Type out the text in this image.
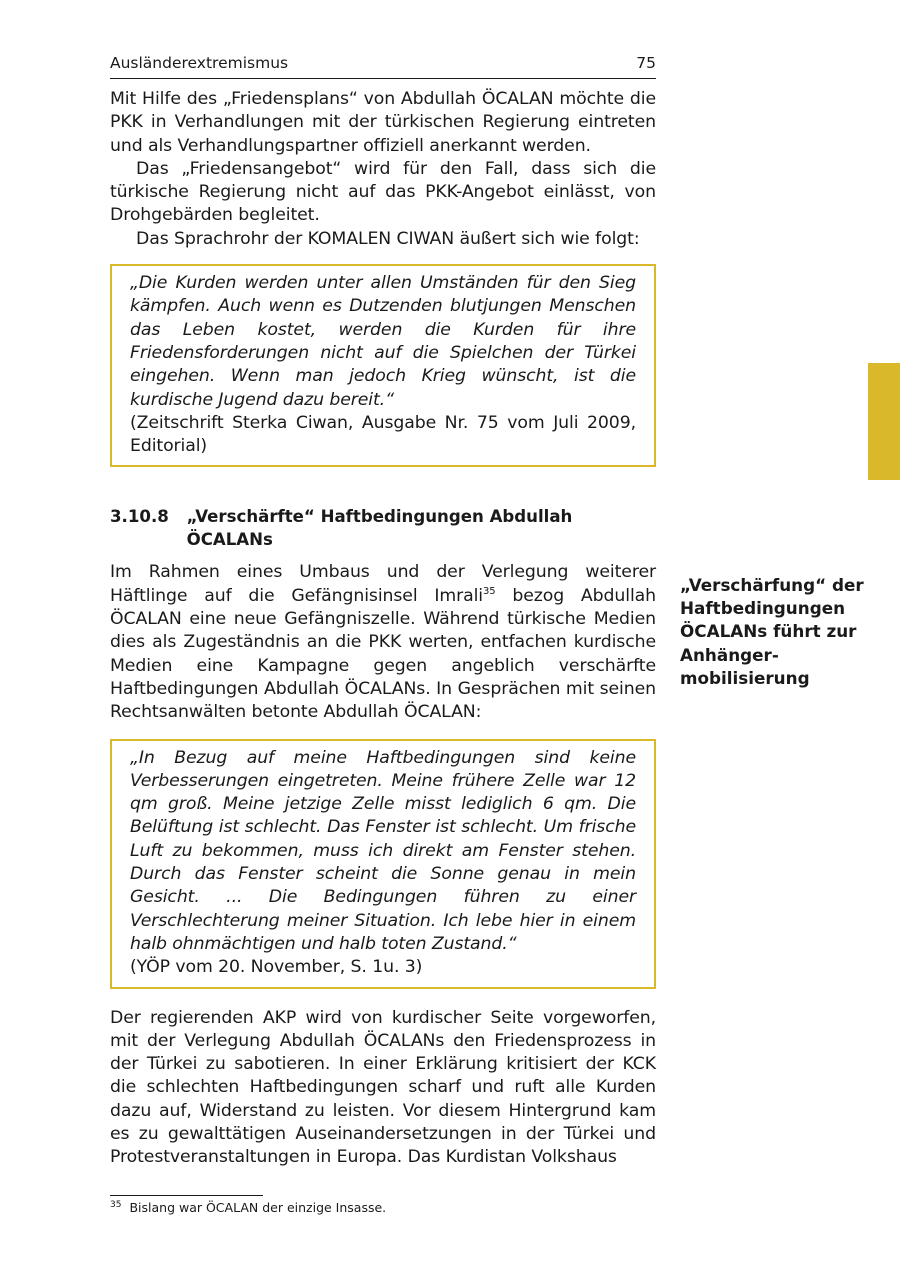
Ausländerextremismus	75

Mit Hilfe des „Friedensplans“ von Abdullah ÖCALAN möchte die PKK in Verhandlungen mit der türkischen Regierung eintreten und als Verhandlungspartner offiziell anerkannt werden.

Das „Friedensangebot“ wird für den Fall, dass sich die türkische Regierung nicht auf das PKK-Angebot einlässt, von Drohgebärden begleitet.

Das Sprachrohr der KOMALEN CIWAN äußert sich wie folgt:

„Die Kurden werden unter allen Umständen für den Sieg kämpfen. Auch wenn es Dutzenden blutjungen Menschen das Leben kostet, werden die Kurden für ihre Friedensforderungen nicht auf die Spielchen der Türkei eingehen. Wenn man jedoch Krieg wünscht, ist die kurdische Jugend dazu bereit.“
(Zeitschrift Sterka Ciwan, Ausgabe Nr. 75 vom Juli 2009, Editorial)
3.10.8	„Verschärfte“ Haftbedingungen Abdullah ÖCALANs

Im Rahmen eines Umbaus und der Verlegung weiterer Häftlinge auf die Gefängnisinsel Imrali$^{35}$ bezog Abdullah ÖCALAN eine neue Gefängniszelle. Während türkische Medien dies als Zugeständnis an die PKK werten, entfachen kurdische Medien eine Kampagne gegen angeblich verschärfte Haftbedingungen Abdullah ÖCALANs. In Gesprächen mit seinen Rechtsanwälten betonte Abdullah ÖCALAN:

„In Bezug auf meine Haftbedingungen sind keine Verbesserungen eingetreten. Meine frühere Zelle war 12 qm groß. Meine jetzige Zelle misst lediglich 6 qm. Die Belüftung ist schlecht. Das Fenster ist schlecht. Um frische Luft zu bekommen, muss ich direkt am Fenster stehen. Durch das Fenster scheint die Sonne genau in mein Gesicht. ... Die Bedingungen führen zu einer Verschlechterung meiner Situation. Ich lebe hier in einem halb ohnmächtigen und halb toten Zustand.“
(YÖP vom 20. November, S. 1u. 3)

Der regierenden AKP wird von kurdischer Seite vorgeworfen, mit der Verlegung Abdullah ÖCALANs den Friedensprozess in der Türkei zu sabotieren. In einer Erklärung kritisiert der KCK die schlechten Haftbedingungen scharf und ruft alle Kurden dazu auf, Widerstand zu leisten. Vor diesem Hintergrund kam es zu gewalttätigen Auseinandersetzungen in der Türkei und Protestveranstaltungen in Europa. Das Kurdistan Volkshaus

„Verschärfung“ der Haftbedingungen ÖCALANs führt zur Anhängermobilisierung
$^{35}$ Bislang war ÖCALAN der einzige Insasse.
